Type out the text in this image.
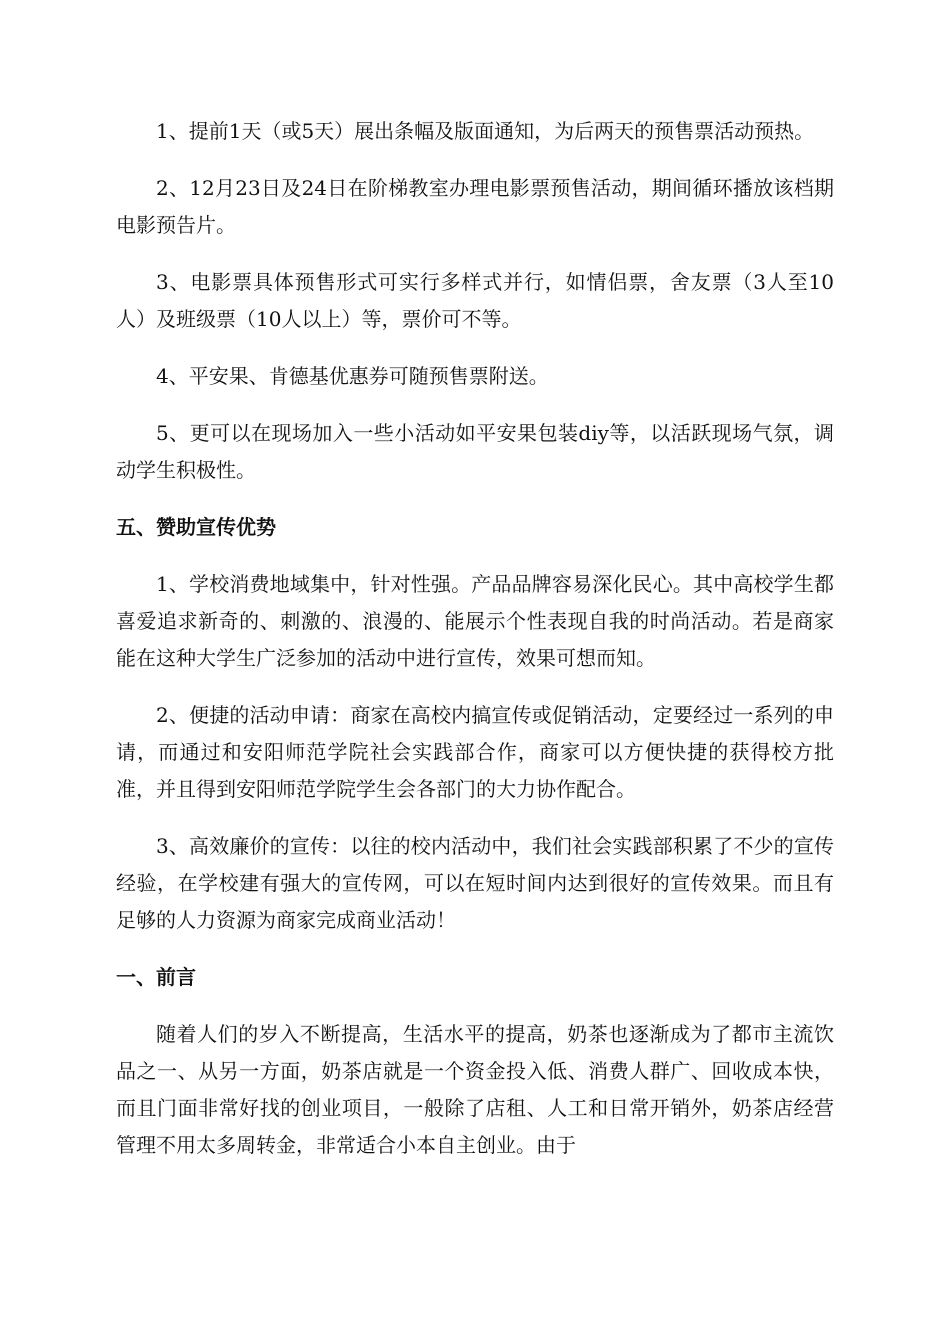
1、提前1天（或5天）展出条幅及版面通知，为后两天的预售票活动预热。

2、12月23日及24日在阶梯教室办理电影票预售活动，期间循环播放该档期电影预告片。

3、电影票具体预售形式可实行多样式并行，如情侣票，舍友票（3人至10人）及班级票（10人以上）等，票价可不等。

4、平安果、肯德基优惠券可随预售票附送。

5、更可以在现场加入一些小活动如平安果包装diy等，以活跃现场气氛，调动学生积极性。

五、赞助宣传优势

1、学校消费地域集中，针对性强。产品品牌容易深化民心。其中高校学生都喜爱追求新奇的、刺激的、浪漫的、能展示个性表现自我的时尚活动。若是商家能在这种大学生广泛参加的活动中进行宣传，效果可想而知。

2、便捷的活动申请：商家在高校内搞宣传或促销活动，定要经过一系列的申请，而通过和安阳师范学院社会实践部合作，商家可以方便快捷的获得校方批准，并且得到安阳师范学院学生会各部门的大力协作配合。

3、高效廉价的宣传：以往的校内活动中，我们社会实践部积累了不少的宣传经验，在学校建有强大的宣传网，可以在短时间内达到很好的宣传效果。而且有足够的人力资源为商家完成商业活动！

一、前言

随着人们的岁入不断提高，生活水平的提高，奶茶也逐渐成为了都市主流饮品之一、从另一方面，奶茶店就是一个资金投入低、消费人群广、回收成本快，而且门面非常好找的创业项目，一般除了店租、人工和日常开销外，奶茶店经营管理不用太多周转金，非常适合小本自主创业。由于
